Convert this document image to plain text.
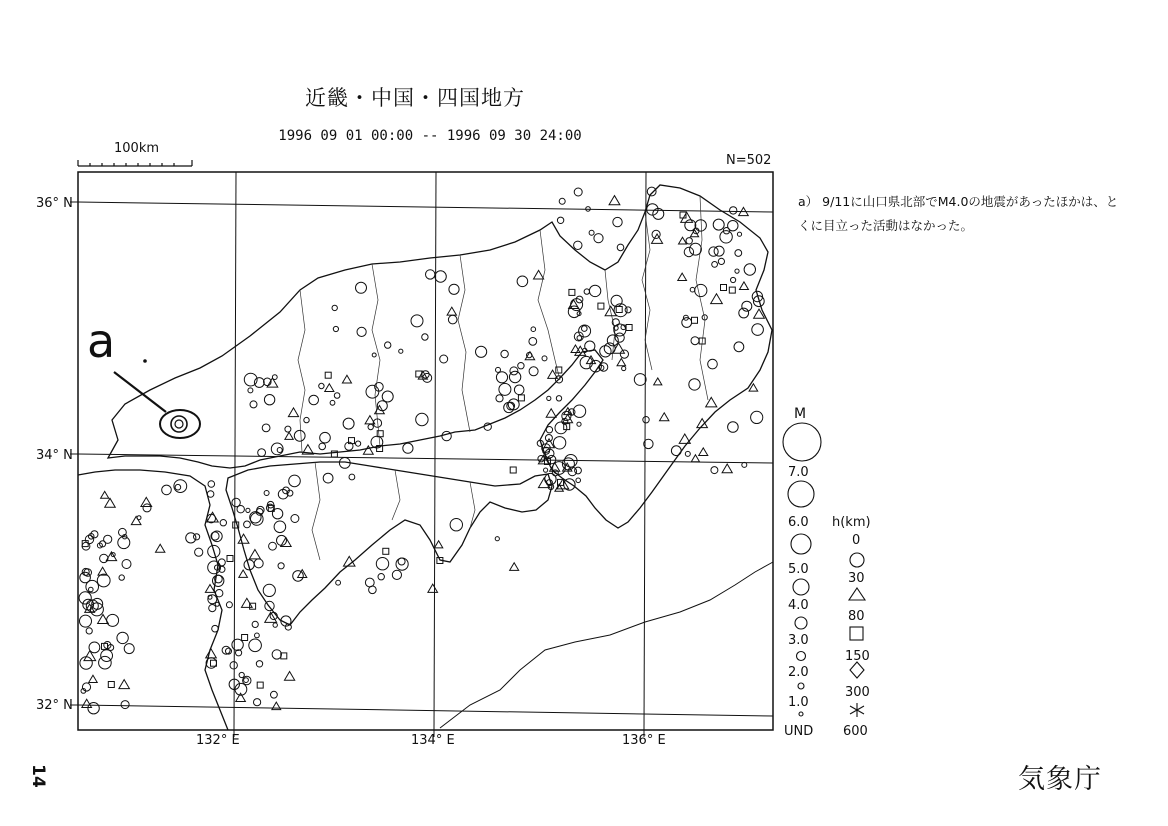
近畿・中国・四国地方
1996 09 01 00:00 -- 1996 09 30 24:00
N=502
100km
36° N
34° N
32° N
132° E	134° E	136° E
a） 9/11に山口県北部でM4.0の地震があったほかは、とくに目立った活動はなかった。
a
14	気象庁
M
7.0
6.0
5.0
4.0
3.0
2.0
1.0
UND
h(km)
0
30
80
150
300
600
